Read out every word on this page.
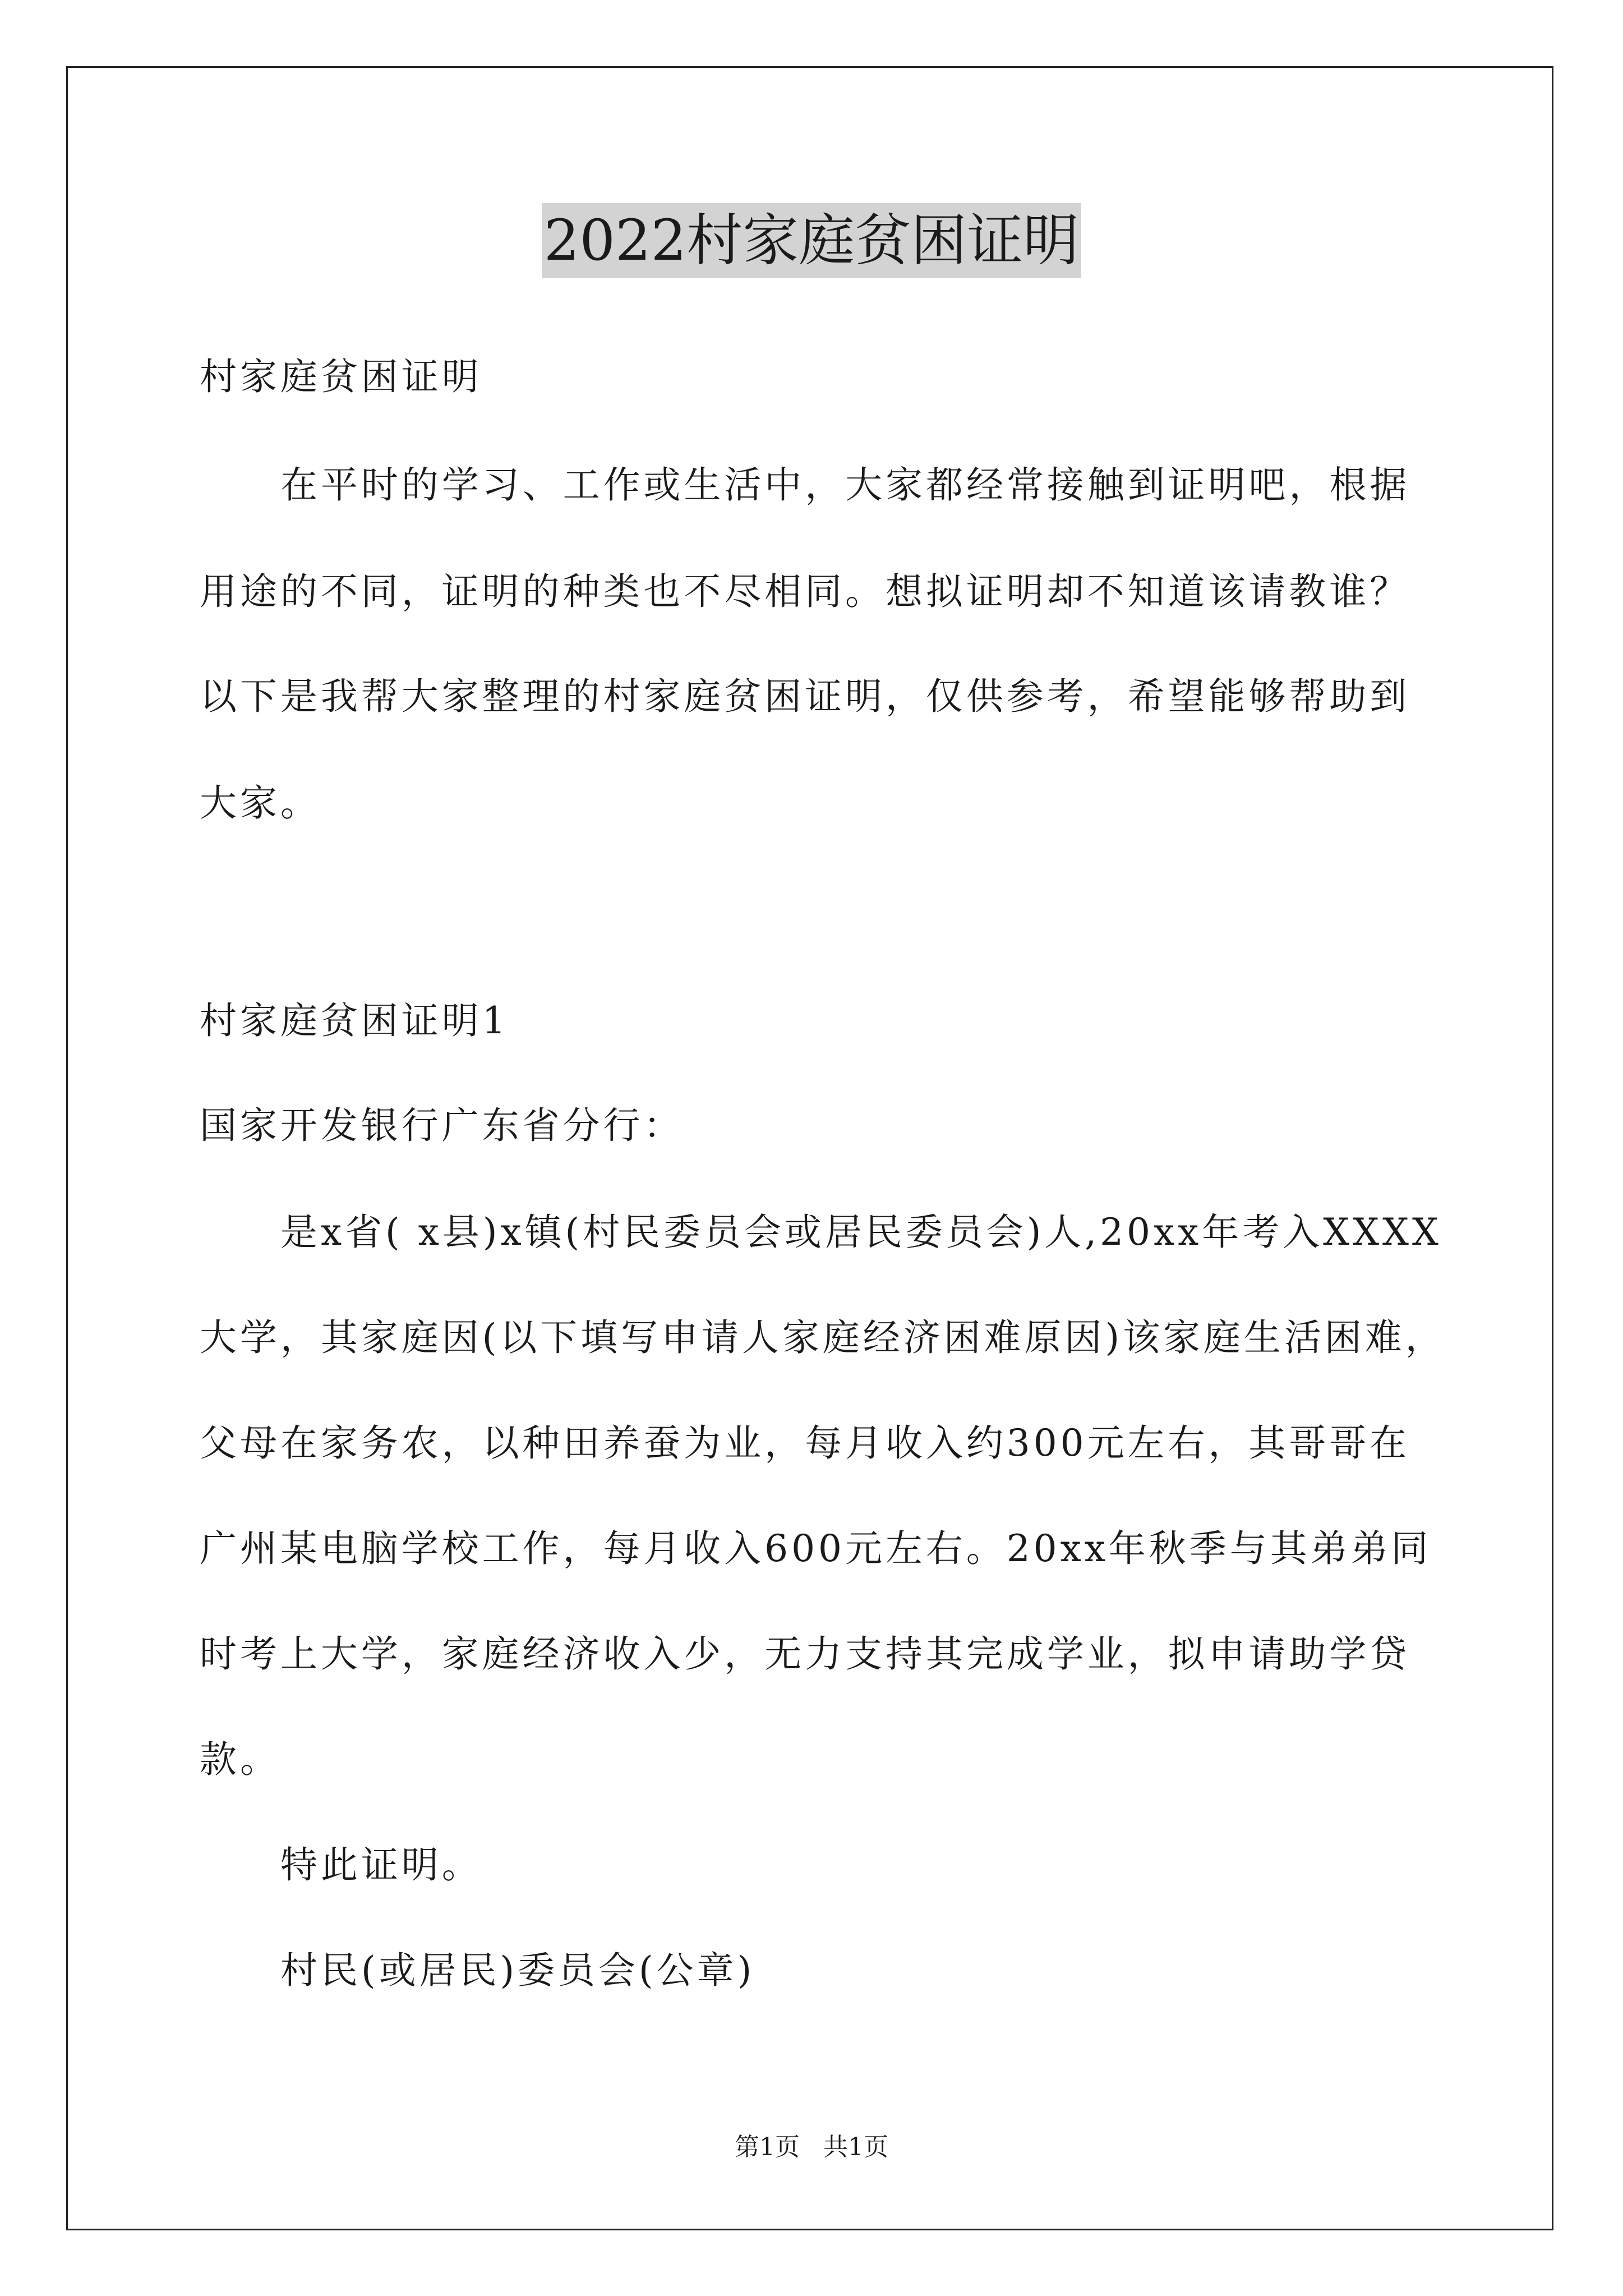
2022村家庭贫困证明
村家庭贫困证明
在平时的学习、工作或生活中，大家都经常接触到证明吧，根据
用途的不同，证明的种类也不尽相同。想拟证明却不知道该请教谁？
以下是我帮大家整理的村家庭贫困证明，仅供参考，希望能够帮助到
大家。
村家庭贫困证明1
国家开发银行广东省分行：
是x省( x县)x镇(村民委员会或居民委员会)人,20xx年考入XXXX
大学，其家庭因(以下填写申请人家庭经济困难原因)该家庭生活困难，
父母在家务农，以种田养蚕为业，每月收入约300元左右，其哥哥在
广州某电脑学校工作，每月收入600元左右。20xx年秋季与其弟弟同
时考上大学，家庭经济收入少，无力支持其完成学业，拟申请助学贷
款。
特此证明。
村民(或居民)委员会(公章)
第1页   共1页
